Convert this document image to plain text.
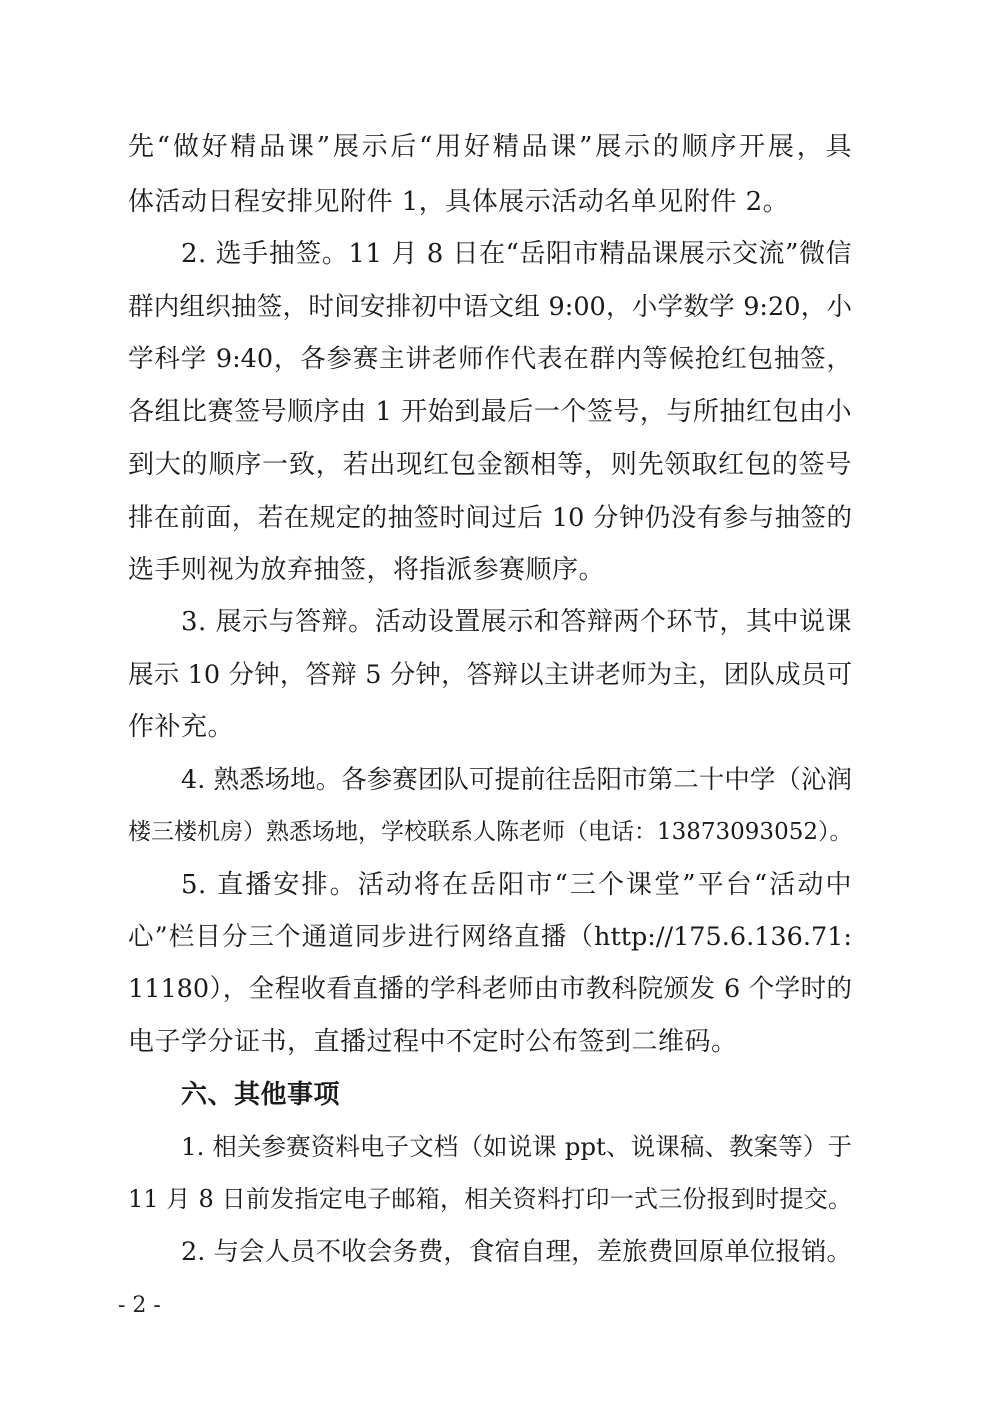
先“做好精品课”展示后“用好精品课”展示的顺序开展，具
体活动日程安排见附件 1，具体展示活动名单见附件 2。
2. 选手抽签。11 月 8 日在“岳阳市精品课展示交流”微信
群内组织抽签，时间安排初中语文组 9:00，小学数学 9:20，小
学科学 9:40，各参赛主讲老师作代表在群内等候抢红包抽签，
各组比赛签号顺序由 1 开始到最后一个签号，与所抽红包由小
到大的顺序一致，若出现红包金额相等，则先领取红包的签号
排在前面，若在规定的抽签时间过后 10 分钟仍没有参与抽签的
选手则视为放弃抽签，将指派参赛顺序。
3. 展示与答辩。活动设置展示和答辩两个环节，其中说课
展示 10 分钟，答辩 5 分钟，答辩以主讲老师为主，团队成员可
作补充。
4. 熟悉场地。各参赛团队可提前往岳阳市第二十中学（沁润
楼三楼机房）熟悉场地，学校联系人陈老师（电话：13873093052）。
5. 直播安排。活动将在岳阳市“三个课堂”平台“活动中
心”栏目分三个通道同步进行网络直播（http://175.6.136.71:
11180），全程收看直播的学科老师由市教科院颁发 6 个学时的
电子学分证书，直播过程中不定时公布签到二维码。
六、其他事项
1. 相关参赛资料电子文档（如说课 ppt、说课稿、教案等）于
11 月 8 日前发指定电子邮箱，相关资料打印一式三份报到时提交。
2. 与会人员不收会务费，食宿自理，差旅费回原单位报销。
- 2 -
